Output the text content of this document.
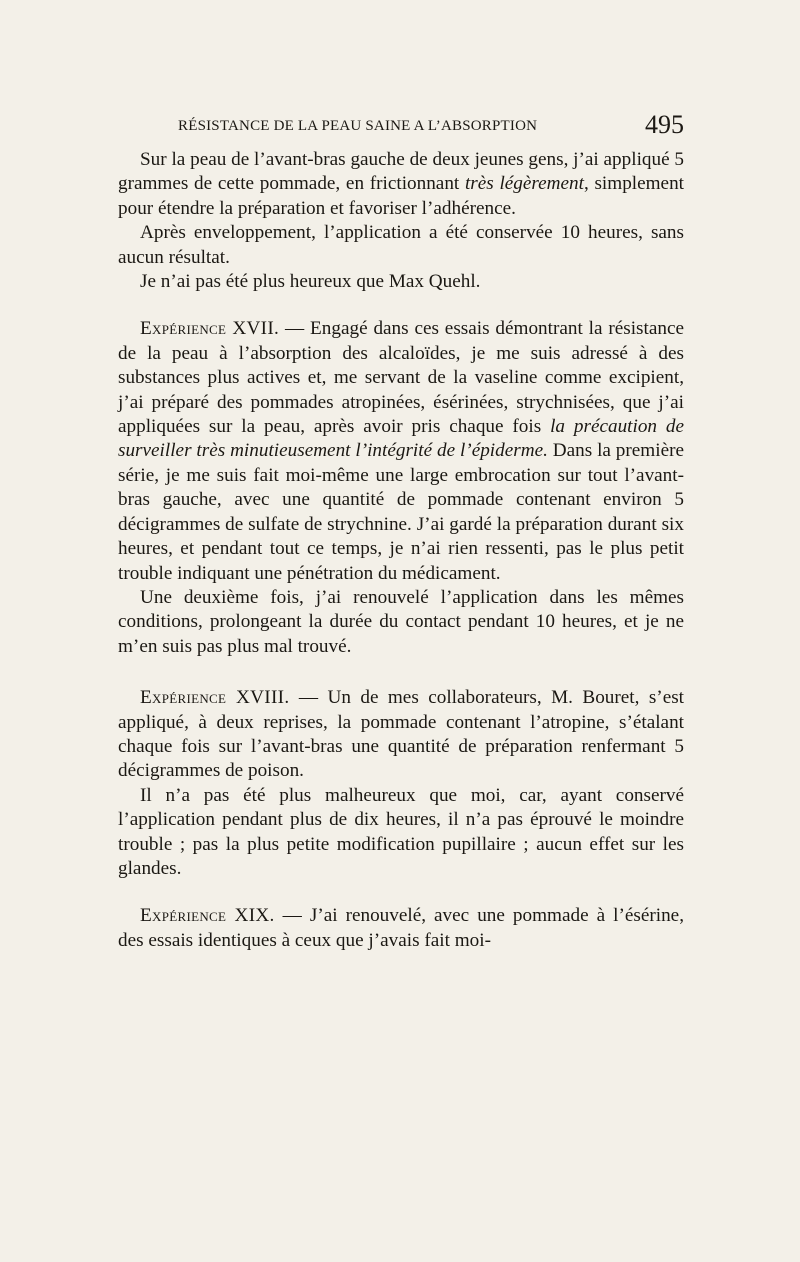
RÉSISTANCE DE LA PEAU SAINE A L’ABSORPTION	495

Sur la peau de l’avant-bras gauche de deux jeunes gens, j’ai appliqué 5 grammes de cette pommade, en frictionnant très légèrement, simplement pour étendre la préparation et favoriser l’adhérence.

Après enveloppement, l’application a été conservée 10 heures, sans aucun résultat.

Je n’ai pas été plus heureux que Max Quehl.

Expérience XVII. — Engagé dans ces essais démontrant la résistance de la peau à l’absorption des alcaloïdes, je me suis adressé à des substances plus actives et, me servant de la vaseline comme excipient, j’ai préparé des pommades atropinées, ésérinées, strychnisées, que j’ai appliquées sur la peau, après avoir pris chaque fois la précaution de surveiller très minutieusement l’intégrité de l’épiderme. Dans la première série, je me suis fait moi-même une large embrocation sur tout l’avant-bras gauche, avec une quantité de pommade contenant environ 5 décigrammes de sulfate de strychnine. J’ai gardé la préparation durant six heures, et pendant tout ce temps, je n’ai rien ressenti, pas le plus petit trouble indiquant une pénétration du médicament.

Une deuxième fois, j’ai renouvelé l’application dans les mêmes conditions, prolongeant la durée du contact pendant 10 heures, et je ne m’en suis pas plus mal trouvé.

Expérience XVIII. — Un de mes collaborateurs, M. Bouret, s’est appliqué, à deux reprises, la pommade contenant l’atropine, s’étalant chaque fois sur l’avant-bras une quantité de préparation renfermant 5 décigrammes de poison.

Il n’a pas été plus malheureux que moi, car, ayant conservé l’application pendant plus de dix heures, il n’a pas éprouvé le moindre trouble ; pas la plus petite modification pupillaire ; aucun effet sur les glandes.

Expérience XIX. — J’ai renouvelé, avec une pommade à l’ésérine, des essais identiques à ceux que j’avais fait moi-
